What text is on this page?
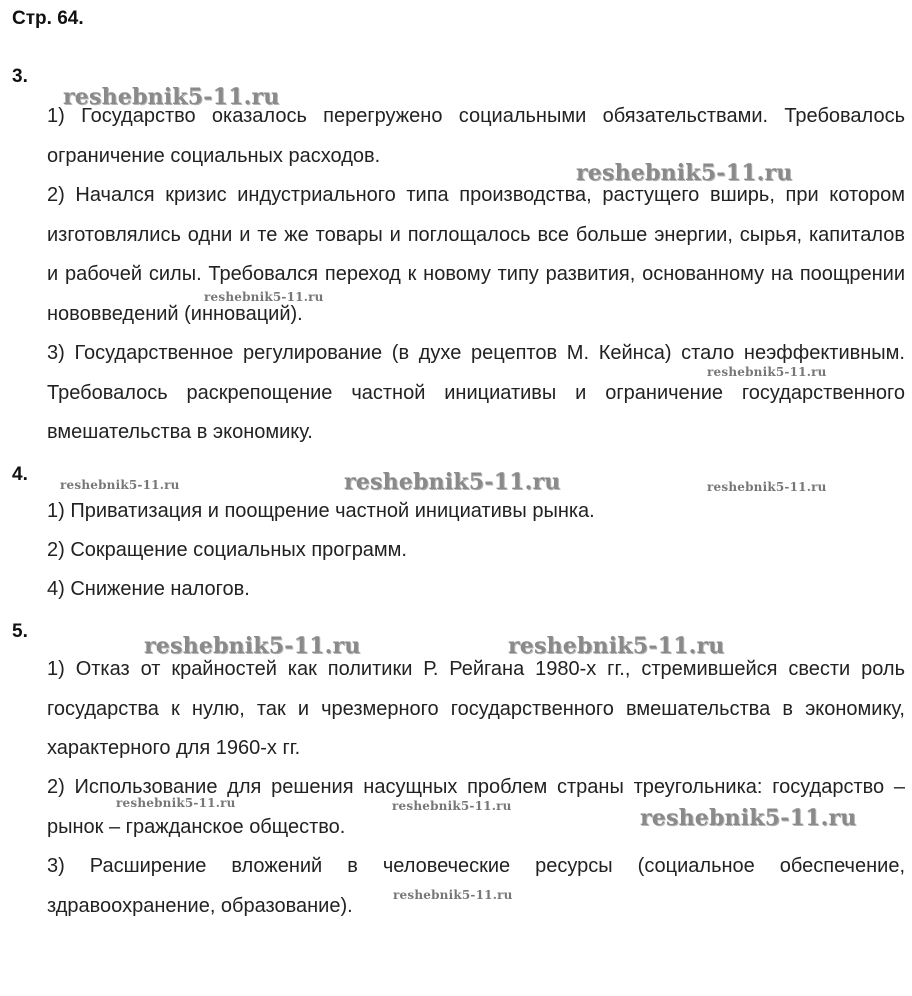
Стр. 64.
3.

1) Государство оказалось перегружено социальными обязательствами. Требовалось ограничение социальных расходов.

2) Начался кризис индустриального типа производства, растущего вширь, при котором изготовлялись одни и те же товары и поглощалось все больше энергии, сырья, капиталов и рабочей силы. Требовался переход к новому типу развития, основанному на поощрении нововведений (инноваций).

3) Государственное регулирование (в духе рецептов М. Кейнса) стало неэффективным. Требовалось раскрепощение частной инициативы и ограничение государственного вмешательства в экономику.

4.

1) Приватизация и поощрение частной инициативы рынка.

2) Сокращение социальных программ.

4) Снижение налогов.

5.

1) Отказ от крайностей как политики Р. Рейгана 1980-х гг., стремившейся свести роль государства к нулю, так и чрезмерного государственного вмешательства в экономику, характерного для 1960-х гг.

2) Использование для решения насущных проблем страны треугольника: государство – рынок – гражданское общество.

3) Расширение вложений в человеческие ресурсы (социальное обеспечение, здравоохранение, образование).

reshebnik5-11.ru
reshebnik5-11.ru
reshebnik5-11.ru
reshebnik5-11.ru
reshebnik5-11.ru	reshebnik5-11.ru	reshebnik5-11.ru
reshebnik5-11.ru	reshebnik5-11.ru
reshebnik5-11.ru	reshebnik5-11.ru	reshebnik5-11.ru
reshebnik5-11.ru
